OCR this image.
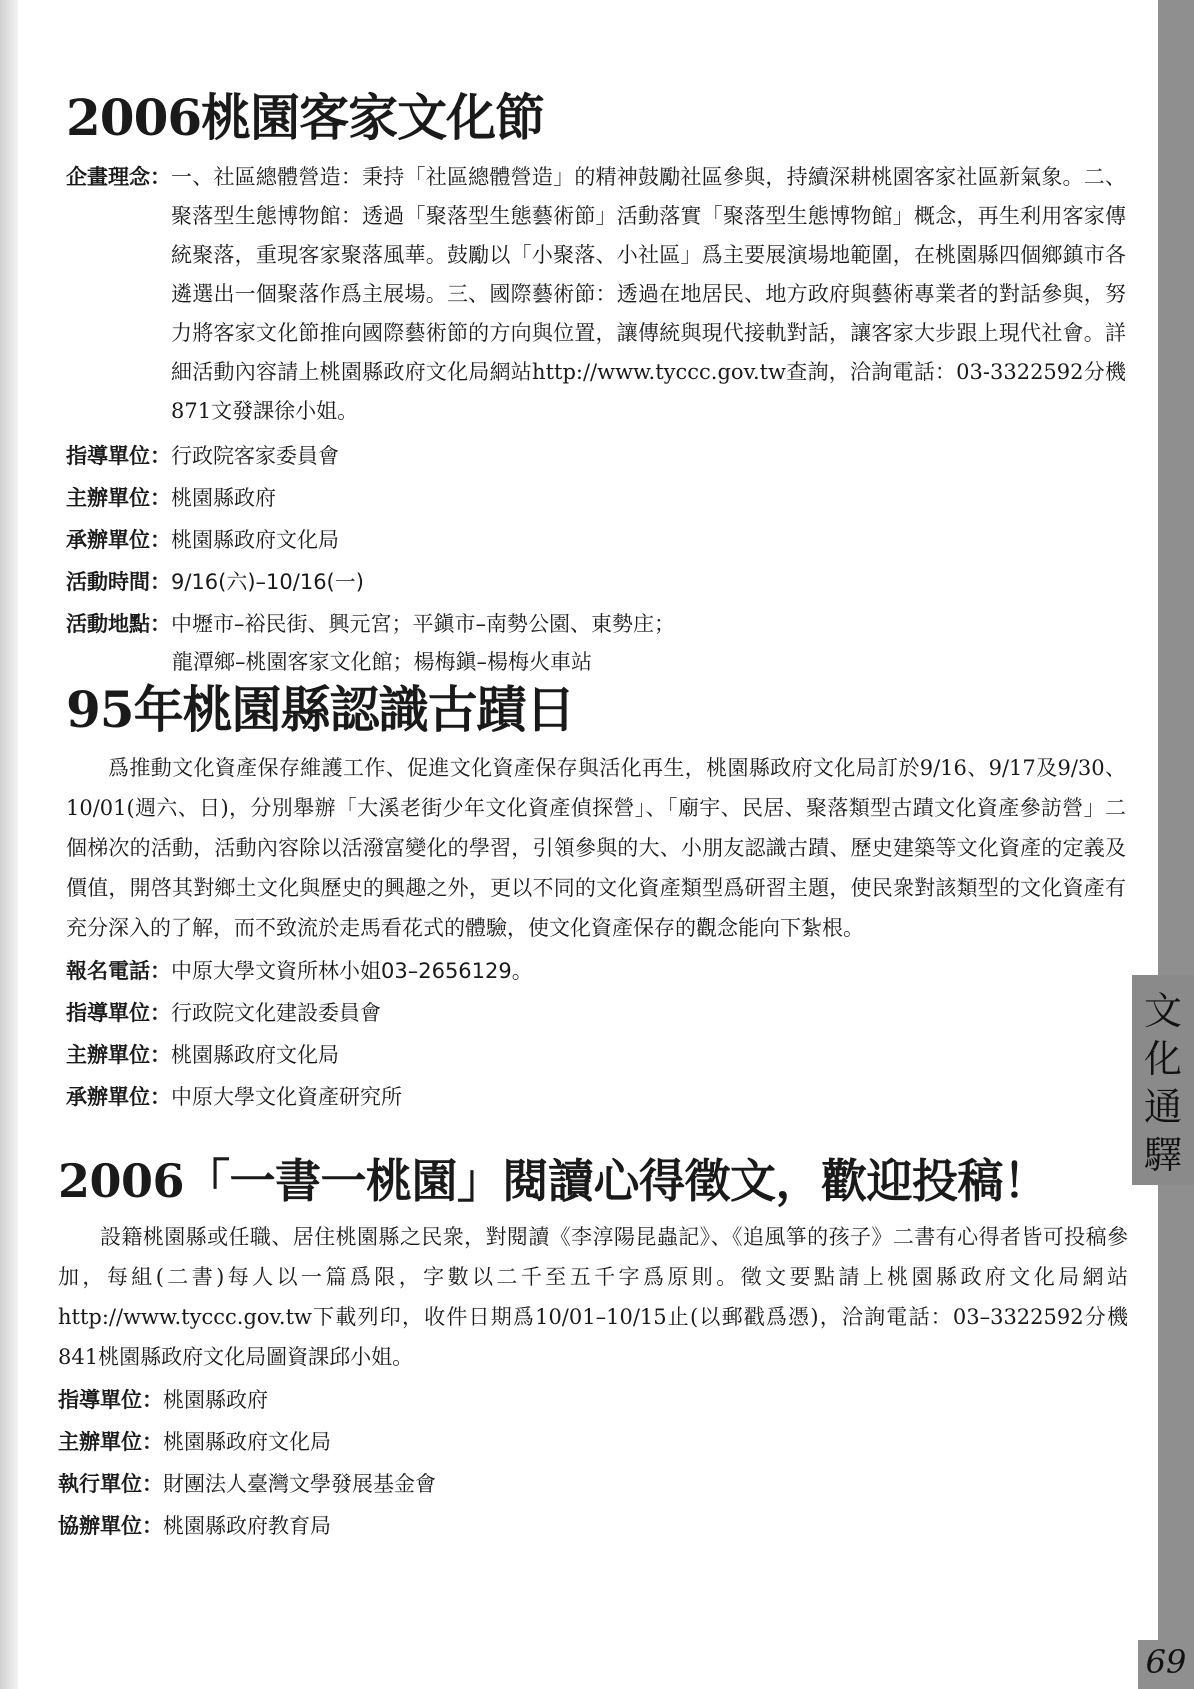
文
化
通
驛
69
2006桃園客家文化節
企畫理念： 一、社區總體營造：秉持「社區總體營造」的精神鼓勵社區參與，持續深耕桃園客家社區新氣象。二、聚落型生態博物館：透過「聚落型生態藝術節」活動落實「聚落型生態博物館」概念，再生利用客家傳統聚落，重現客家聚落風華。鼓勵以「小聚落、小社區」爲主要展演場地範圍，在桃園縣四個鄉鎮市各遴選出一個聚落作爲主展場。三、國際藝術節：透過在地居民、地方政府與藝術專業者的對話參與，努力將客家文化節推向國際藝術節的方向與位置，讓傳統與現代接軌對話，讓客家大步跟上現代社會。詳細活動內容請上桃園縣政府文化局網站http://www.tyccc.gov.tw查詢，洽詢電話：03-3322592分機871文發課徐小姐。
指導單位： 行政院客家委員會
主辦單位： 桃園縣政府
承辦單位： 桃園縣政府文化局
活動時間： 9/16(六)–10/16(一)
活動地點： 中壢市–裕民街、興元宮；平鎭市–南勢公園、東勢庄；
龍潭鄉–桃園客家文化館；楊梅鎭–楊梅火車站
95年桃園縣認識古蹟日

爲推動文化資產保存維護工作、促進文化資產保存與活化再生，桃園縣政府文化局訂於9/16、9/17及9/30、10/01(週六、日)，分別舉辦「大溪老街少年文化資產偵探營」、「廟宇、民居、聚落類型古蹟文化資產參訪營」二個梯次的活動，活動內容除以活潑富變化的學習，引領參與的大、小朋友認識古蹟、歷史建築等文化資產的定義及價值，開啓其對鄉土文化與歷史的興趣之外，更以不同的文化資產類型爲研習主題，使民衆對該類型的文化資產有充分深入的了解，而不致流於走馬看花式的體驗，使文化資產保存的觀念能向下紮根。

報名電話： 中原大學文資所林小姐03–2656129。
指導單位： 行政院文化建設委員會
主辦單位： 桃園縣政府文化局
承辦單位： 中原大學文化資產研究所
2006「一書一桃園」閱讀心得徵文，歡迎投稿！

設籍桃園縣或任職、居住桃園縣之民衆，對閱讀《李淳陽昆蟲記》、《追風箏的孩子》二書有心得者皆可投稿參加，每組(二書)每人以一篇爲限，字數以二千至五千字爲原則。徵文要點請上桃園縣政府文化局網站 http://www.tyccc.gov.tw下載列印，收件日期爲10/01–10/15止(以郵戳爲憑)，洽詢電話：03–3322592分機841桃園縣政府文化局圖資課邱小姐。

指導單位： 桃園縣政府
主辦單位： 桃園縣政府文化局
執行單位： 財團法人臺灣文學發展基金會
協辦單位： 桃園縣政府教育局
